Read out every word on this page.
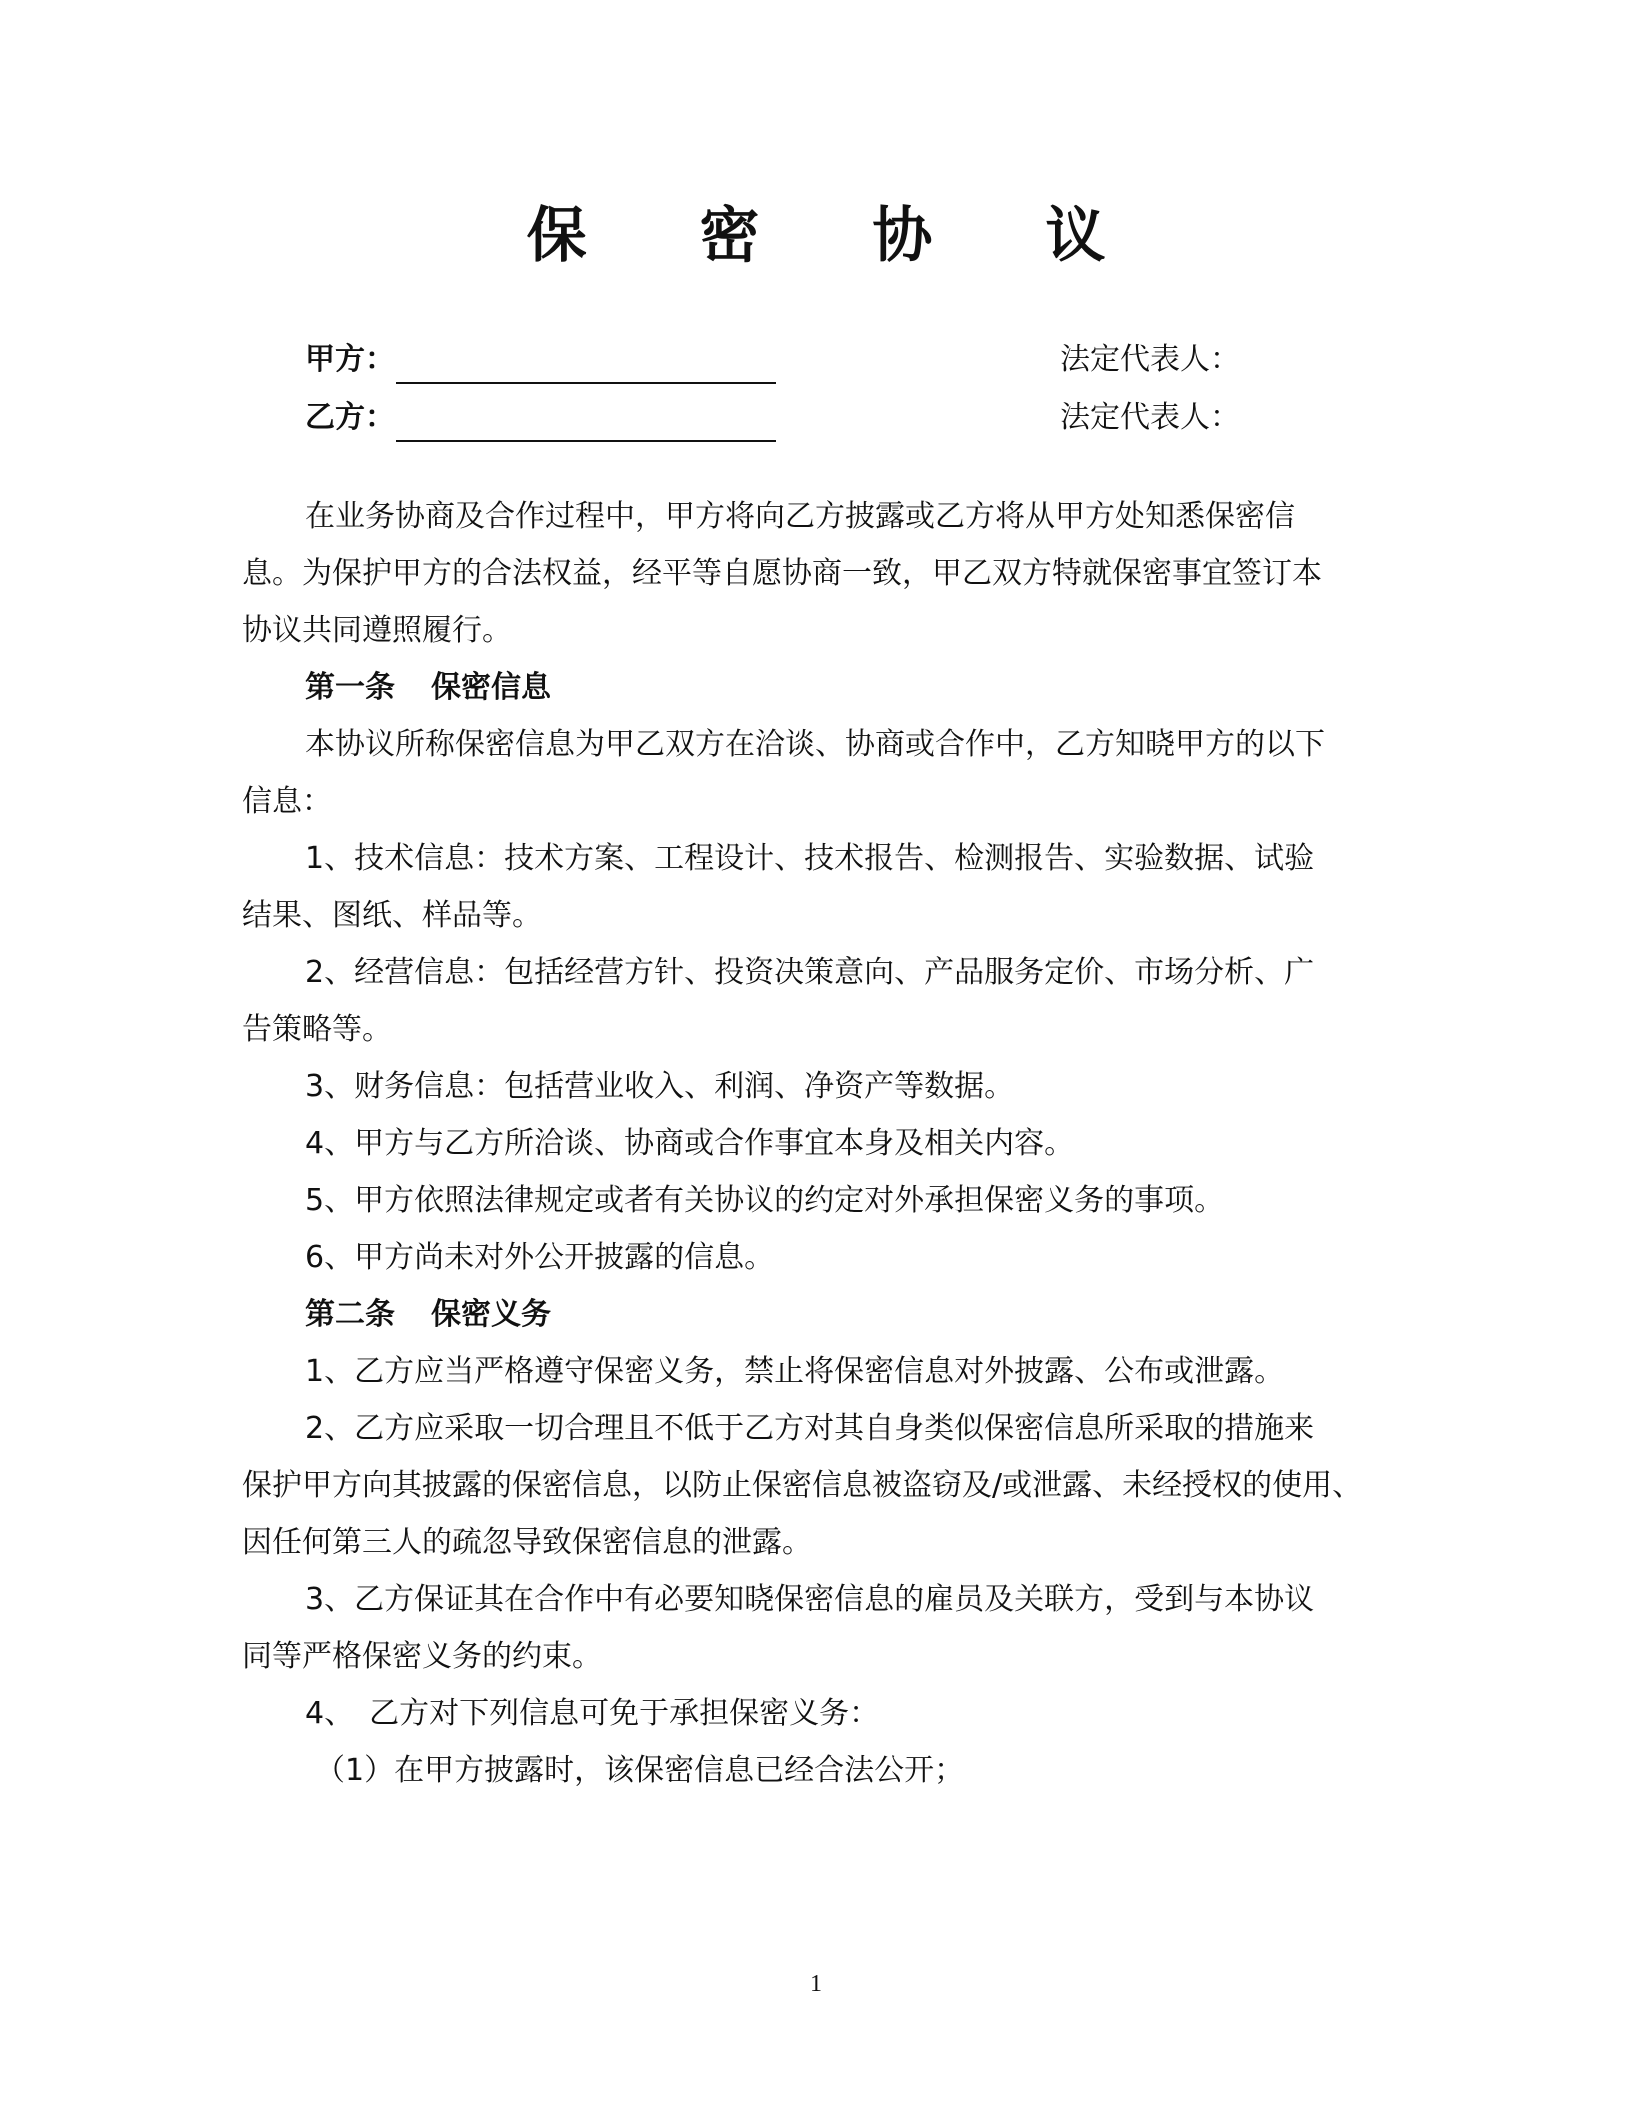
保 密 协 议
甲方：	法定代表人：
乙方：	法定代表人：
在业务协商及合作过程中，甲方将向乙方披露或乙方将从甲方处知悉保密信
息。为保护甲方的合法权益，经平等自愿协商一致，甲乙双方特就保密事宜签订本
协议共同遵照履行。
第一条 保密信息
本协议所称保密信息为甲乙双方在洽谈、协商或合作中，乙方知晓甲方的以下
信息：
1、技术信息：技术方案、工程设计、技术报告、检测报告、实验数据、试验
结果、图纸、样品等。
2、经营信息：包括经营方针、投资决策意向、产品服务定价、市场分析、广
告策略等。
3、财务信息：包括营业收入、利润、净资产等数据。
4、甲方与乙方所洽谈、协商或合作事宜本身及相关内容。
5、甲方依照法律规定或者有关协议的约定对外承担保密义务的事项。
6、甲方尚未对外公开披露的信息。
第二条 保密义务
1、乙方应当严格遵守保密义务，禁止将保密信息对外披露、公布或泄露。
2、乙方应采取一切合理且不低于乙方对其自身类似保密信息所采取的措施来
保护甲方向其披露的保密信息，以防止保密信息被盗窃及/或泄露、未经授权的使用、
因任何第三人的疏忽导致保密信息的泄露。
3、乙方保证其在合作中有必要知晓保密信息的雇员及关联方，受到与本协议
同等严格保密义务的约束。
4、　乙方对下列信息可免于承担保密义务：
（1）在甲方披露时，该保密信息已经合法公开；
1
